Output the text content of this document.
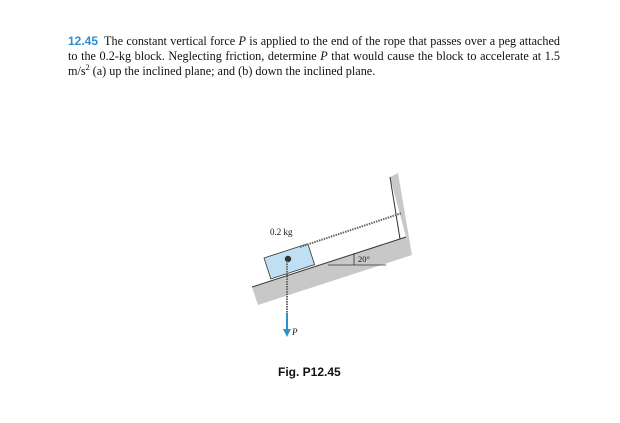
12.45 The constant vertical force P is applied to the end of the rope that passes over a peg attached to the 0.2-kg block. Neglecting friction, determine P that would cause the block to accelerate at 1.5 $m/s^2$ (a) up the inclined plane; and (b) down the inclined plane.
P
0.2 kg
20°
Fig. P12.45
